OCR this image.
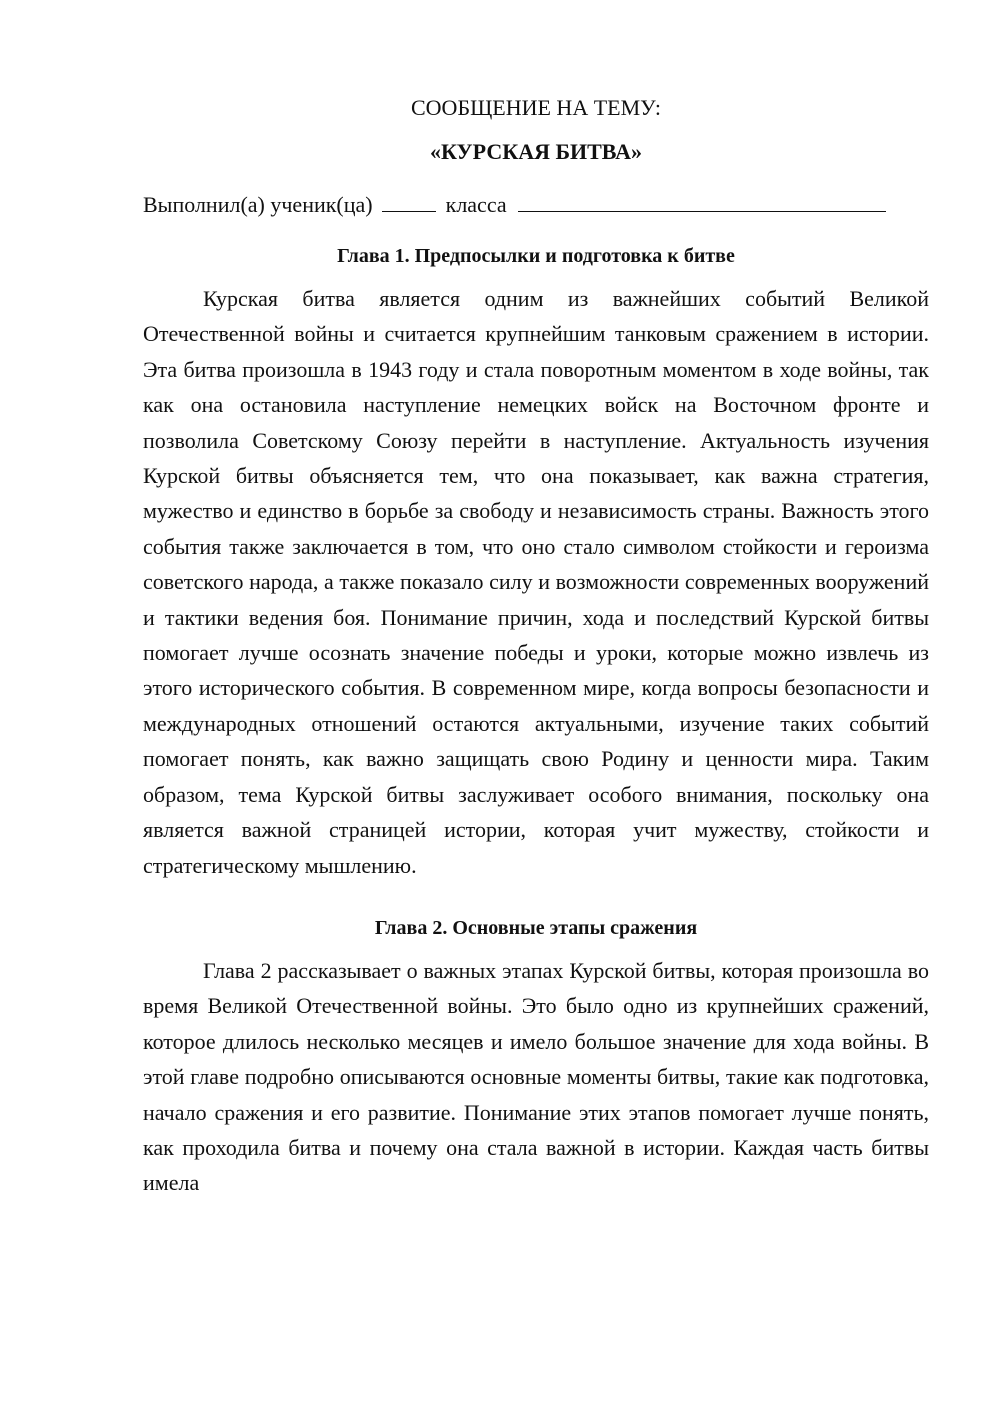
СООБЩЕНИЕ НА ТЕМУ:
«КУРСКАЯ БИТВА»
Выполнил(а) ученик(ца)	класса
Глава 1. Предпосылки и подготовка к битве

Курская битва является одним из важнейших событий Великой Отечественной войны и считается крупнейшим танковым сражением в истории. Эта битва произошла в 1943 году и стала поворотным моментом в ходе войны, так как она остановила наступление немецких войск на Восточном фронте и позволила Советскому Союзу перейти в наступление. Актуальность изучения Курской битвы объясняется тем, что она показывает, как важна стратегия, мужество и единство в борьбе за свободу и независимость страны. Важность этого события также заключается в том, что оно стало символом стойкости и героизма советского народа, а также показало силу и возможности современных вооружений и тактики ведения боя. Понимание причин, хода и последствий Курской битвы помогает лучше осознать значение победы и уроки, которые можно извлечь из этого исторического события. В современном мире, когда вопросы безопасности и международных отношений остаются актуальными, изучение таких событий помогает понять, как важно защищать свою Родину и ценности мира. Таким образом, тема Курской битвы заслуживает особого внимания, поскольку она является важной страницей истории, которая учит мужеству, стойкости и стратегическому мышлению.

Глава 2. Основные этапы сражения

Глава 2 рассказывает о важных этапах Курской битвы, которая произошла во время Великой Отечественной войны. Это было одно из крупнейших сражений, которое длилось несколько месяцев и имело большое значение для хода войны. В этой главе подробно описываются основные моменты битвы, такие как подготовка, начало сражения и его развитие. Понимание этих этапов помогает лучше понять, как проходила битва и почему она стала важной в истории. Каждая часть битвы имела
